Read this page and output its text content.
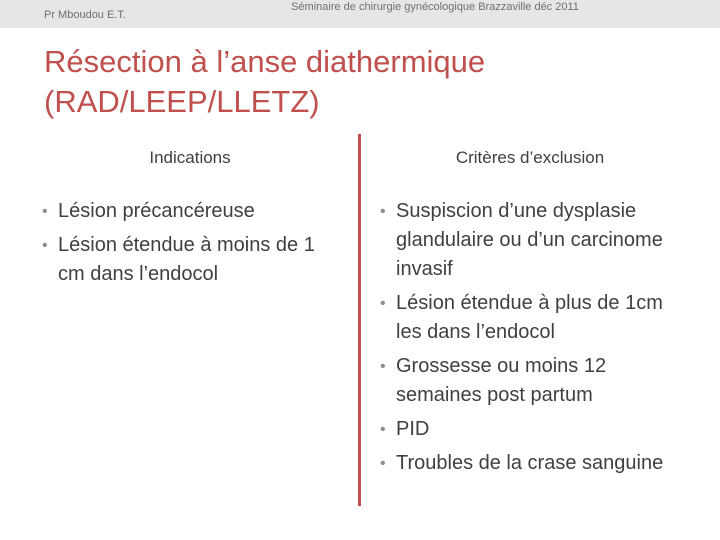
Pr Mboudou E.T.
Séminaire de chirurgie gynécologique Brazzaville déc 2011
Résection à l’anse diathermique (RAD/LEEP/LLETZ)
Indications	Critères d’exclusion
• Lésion précancéreuse
• Lésion étendue à moins de 1 cm dans l’endocol
• Suspiscion d’une dysplasie glandulaire ou d’un carcinome invasif
• Lésion étendue à plus de 1cm les dans l’endocol
• Grossesse ou moins 12 semaines post partum
• PID
• Troubles de la crase sanguine
